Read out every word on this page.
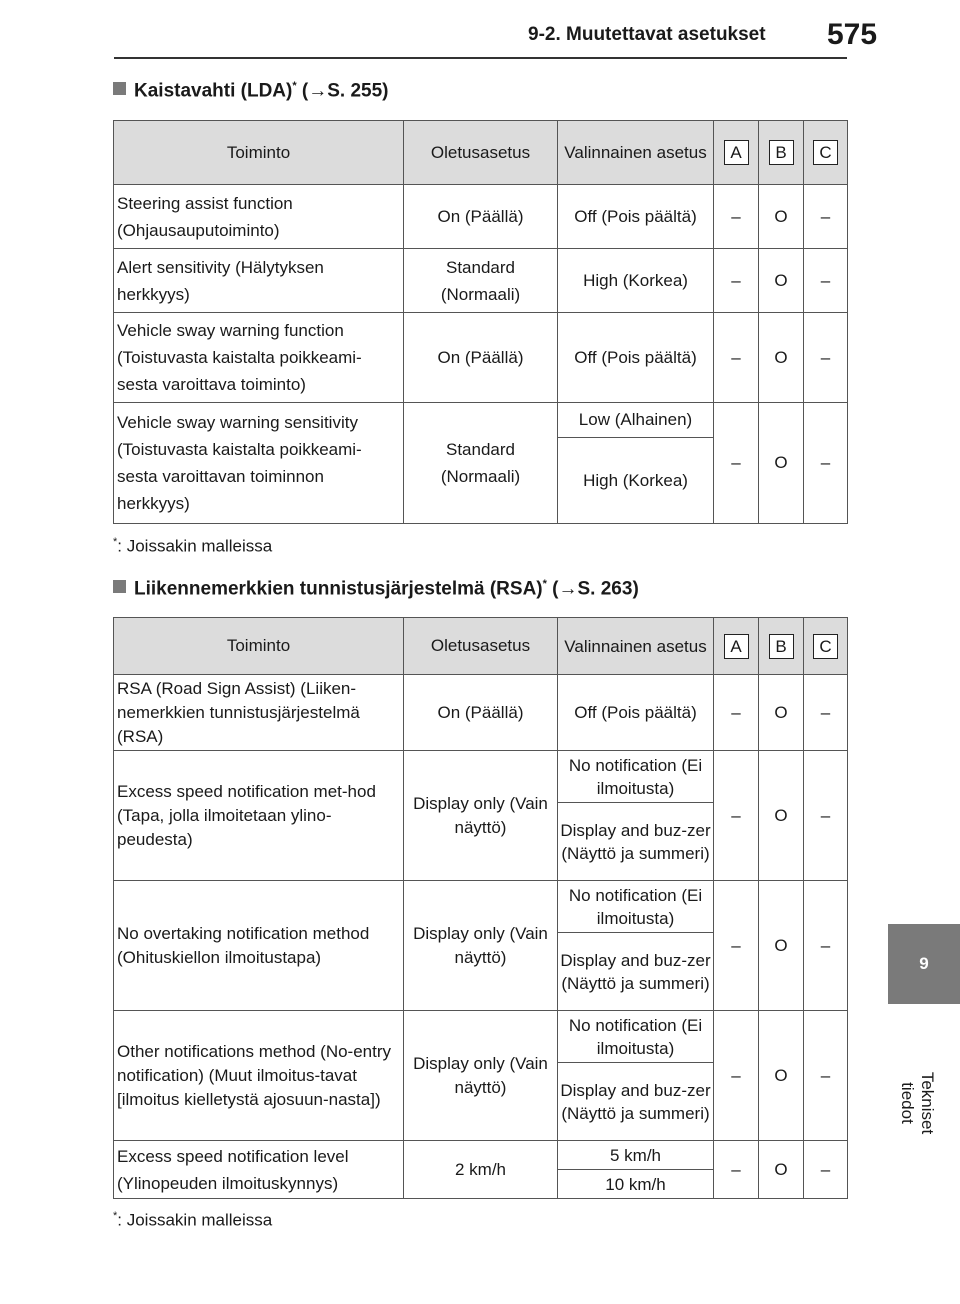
9-2. Muutettavat asetukset 575
9
Tekniset tiedot
Kaistavahti (LDA)* (→S. 255)
Toiminto	Oletusasetus	Valinnainen asetus	A	B	C
Steering assist function (Ohjausauputoiminto)	On (Päällä)	Off (Pois päältä)	–	O	–
Alert sensitivity (Hälytyksen herkkyys)	Standard (Normaali)	High (Korkea)	–	O	–
Vehicle sway warning function (Toistuvasta kaistalta poikkeami-sesta varoittava toiminto)	On (Päällä)	Off (Pois päältä)	–	O	–
Vehicle sway warning sensitivity (Toistuvasta kaistalta poikkeami-sesta varoittavan toiminnon herkkyys)	Standard (Normaali)	Low (Alhainen)	–	O	–
		High (Korkea)			
*: Joissakin malleissa
Liikennemerkkien tunnistusjärjestelmä (RSA)* (→S. 263)
Toiminto	Oletusasetus	Valinnainen asetus	A	B	C
RSA (Road Sign Assist) (Liiken-nemerkkien tunnistusjärjestelmä (RSA)	On (Päällä)	Off (Pois päältä)	–	O	–
Excess speed notification met-hod (Tapa, jolla ilmoitetaan ylino-peudesta)	Display only (Vain näyttö)	No notification (Ei ilmoitusta)	–	O	–
		Display and buz-zer (Näyttö ja summeri)			
No overtaking notification method (Ohituskiellon ilmoitustapa)	Display only (Vain näyttö)	No notification (Ei ilmoitusta)	–	O	–
		Display and buz-zer (Näyttö ja summeri)			
Other notifications method (No-entry notification) (Muut ilmoitus-tavat [ilmoitus kielletystä ajosuun-nasta])	Display only (Vain näyttö)	No notification (Ei ilmoitusta)	–	O	–
		Display and buz-zer (Näyttö ja summeri)			
Excess speed notification level (Ylinopeuden ilmoituskynnys)	2 km/h	5 km/h	–	O	–
		10 km/h			
*: Joissakin malleissa
